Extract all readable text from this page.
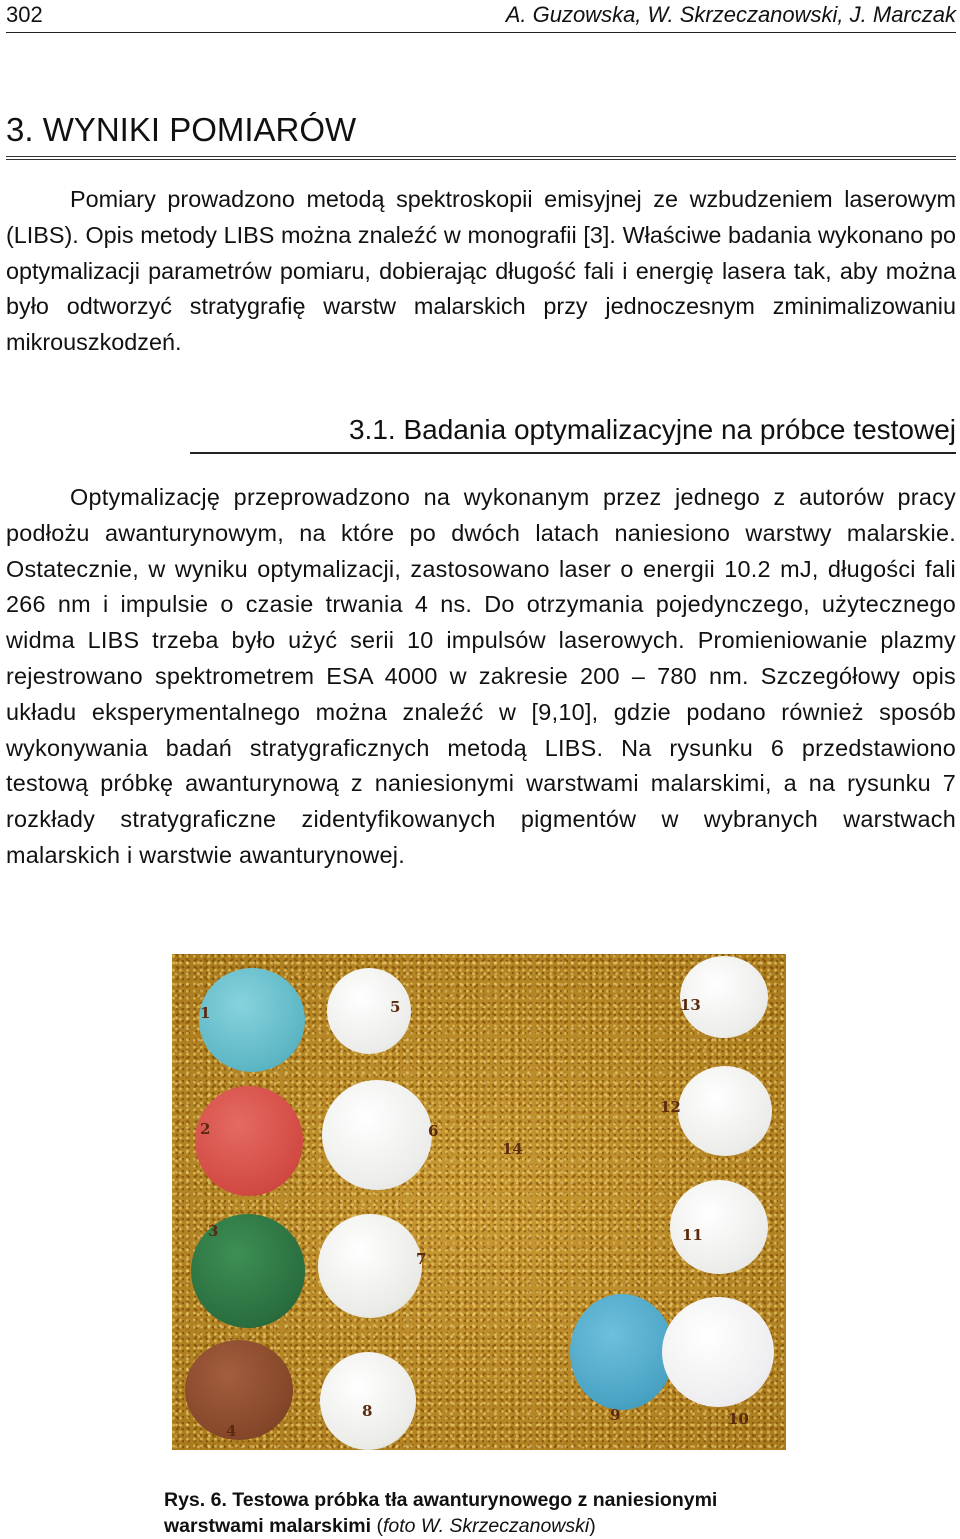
302	A. Guzowska, W. Skrzeczanowski, J. Marczak
3. WYNIKI POMIARÓW

Pomiary prowadzono metodą spektroskopii emisyjnej ze wzbudzeniem laserowym (LIBS). Opis metody LIBS można znaleźć w monografii [3]. Właściwe badania wykonano po optymalizacji parametrów pomiaru, dobierając długość fali i energię lasera tak, aby można było odtworzyć stratygrafię warstw malarskich przy jednoczesnym zminimalizowaniu mikrouszkodzeń.

3.1. Badania optymalizacyjne na próbce testowej

Optymalizację przeprowadzono na wykonanym przez jednego z autorów pracy podłożu awanturynowym, na które po dwóch latach naniesiono warstwy malarskie. Ostatecznie, w wyniku optymalizacji, zastosowano laser o energii 10.2 mJ, długości fali 266 nm i impulsie o czasie trwania 4 ns. Do otrzymania pojedynczego, użytecznego widma LIBS trzeba było użyć serii 10 impulsów laserowych. Promieniowanie plazmy rejestrowano spektrometrem ESA 4000 w zakresie 200 – 780 nm. Szczegółowy opis układu eksperymentalnego można znaleźć w [9,10], gdzie podano również sposób wykonywania badań stratygraficznych metodą LIBS. Na rysunku 6 przedstawiono testową próbkę awanturynową z naniesionymi warstwami malarskimi, a na rysunku 7 rozkłady stratygraficzne zidentyfikowanych pigmentów w wybranych warstwach malarskich i warstwie awanturynowej.

1
2
3
4
5
6
7
8	9	10
11
12
13
14
Rys. 6. Testowa próbka tła awanturynowego z naniesionymi
warstwami malarskimi (foto W. Skrzeczanowski)
